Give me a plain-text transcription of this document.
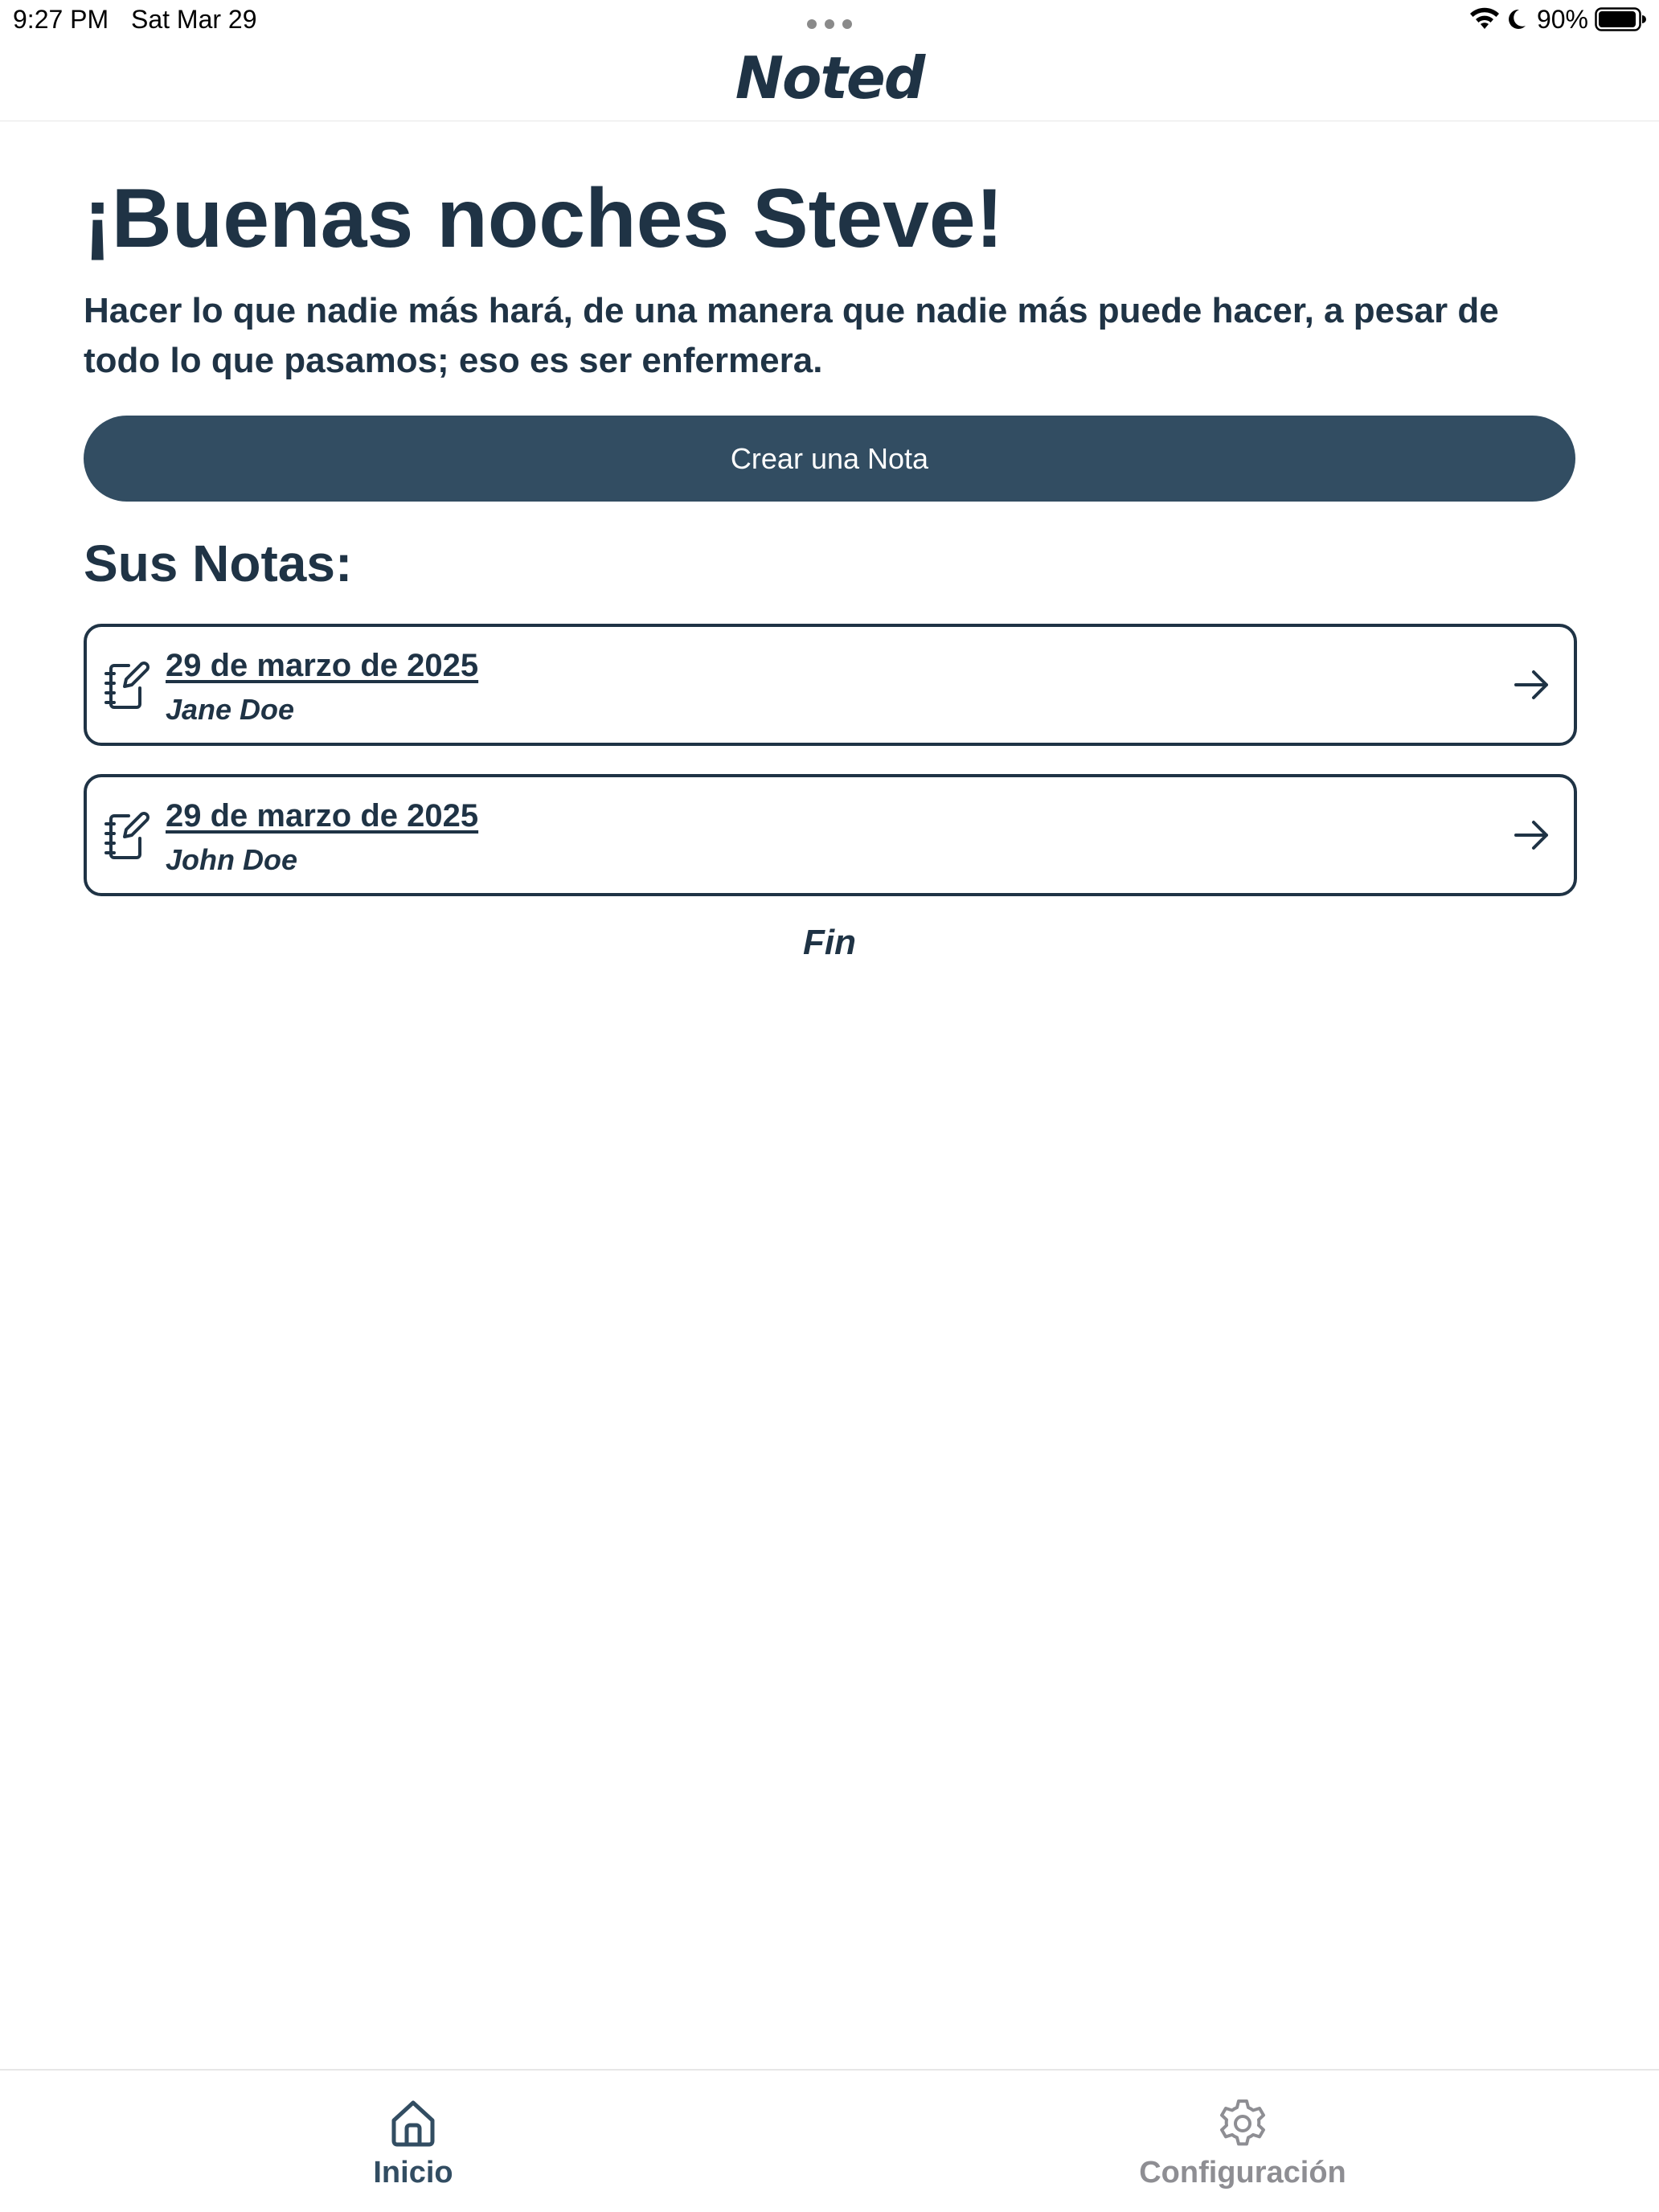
9:27 PM Sat Mar 29	90%
Noted
¡Buenas noches Steve!

Hacer lo que nadie más hará, de una manera que nadie más puede hacer, a pesar de todo lo que pasamos; eso es ser enfermera.

Crear una Nota
Sus Notas:
29 de marzo de 2025
Jane Doe
29 de marzo de 2025
John Doe
Fin
Inicio	Configuración
